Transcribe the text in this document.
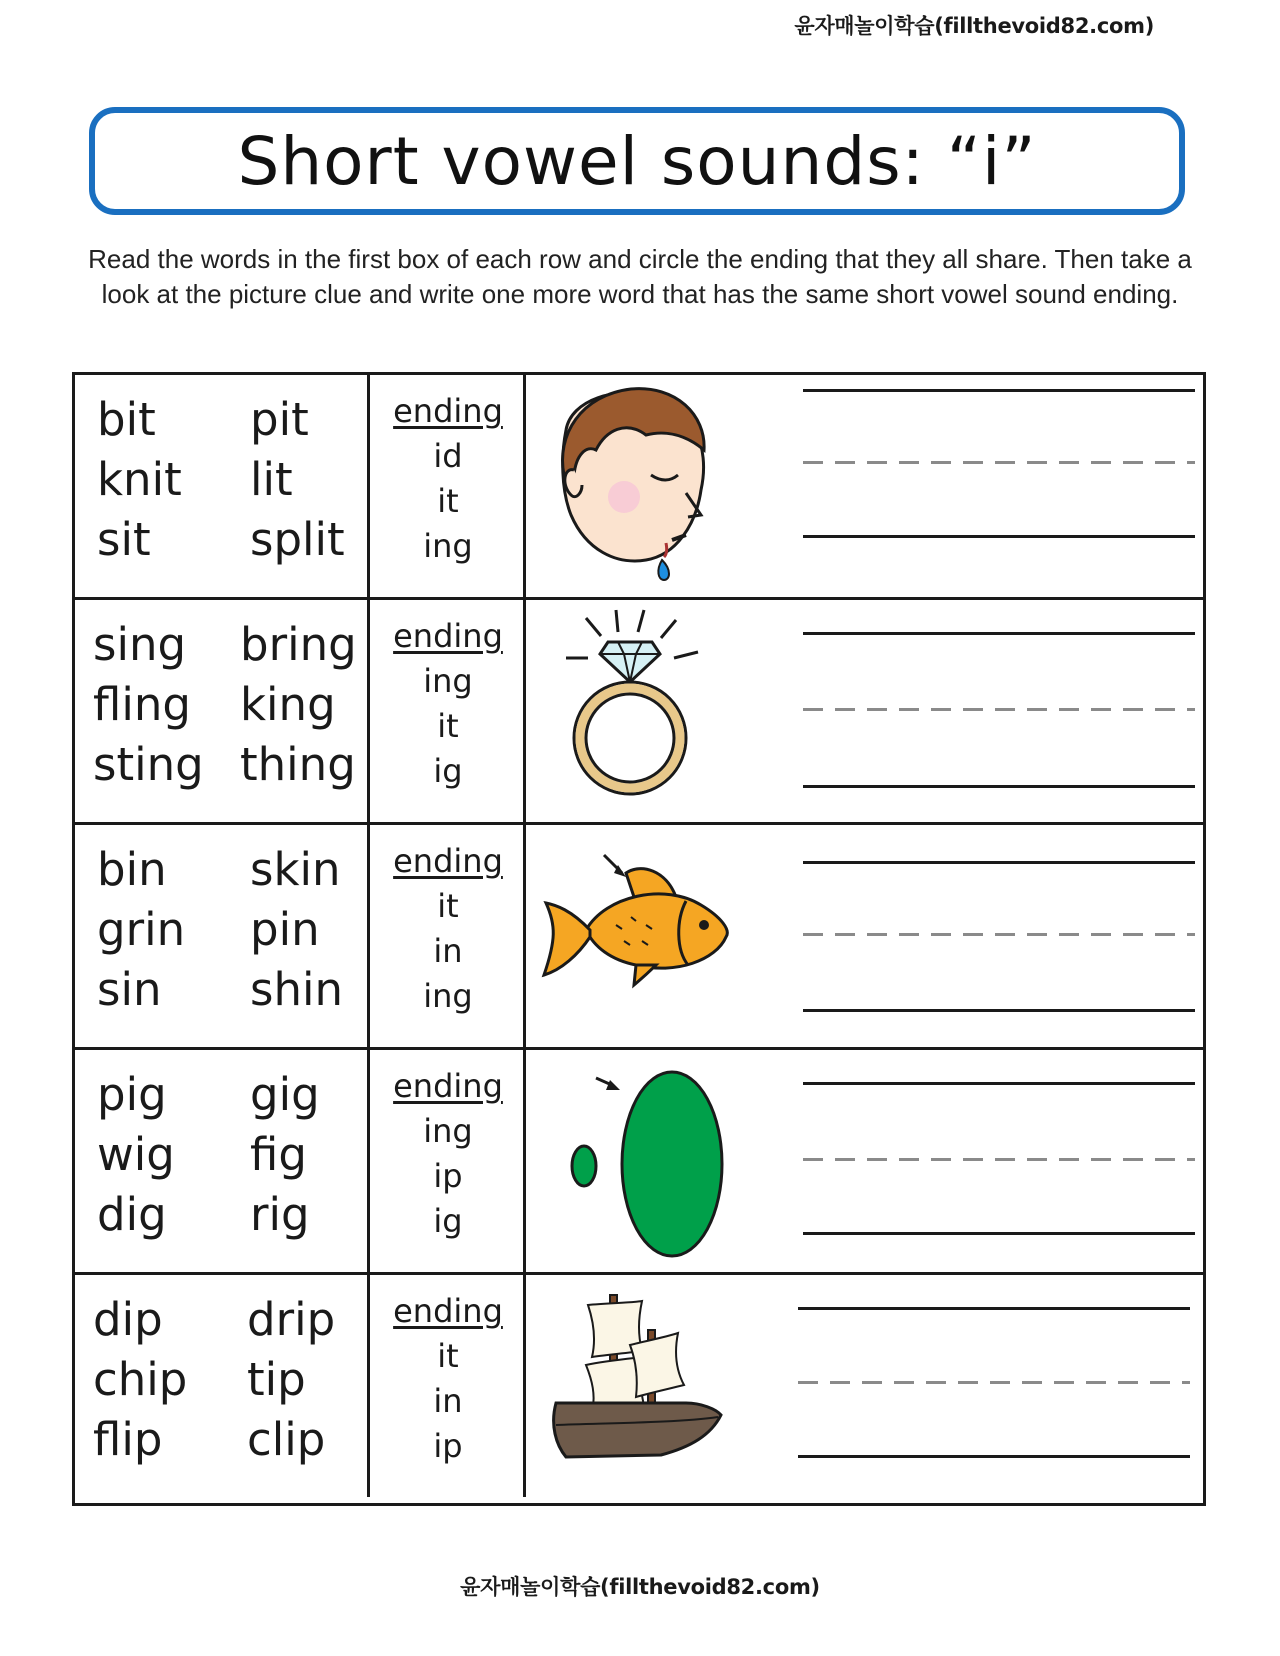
윤자매놀이학습(fillthevoid82.com)
Short vowel sounds: “i”
Read the words in the first box of each row and circle the ending that they all share. Then take a look at the picture clue and write one more word that has the same short vowel sound ending.
bit pit
knit lit
sit split
ending
id
it
ing
sing bring
fling king
sting thing
ending
ing
it
ig
bin skin
grin pin
sin shin
ending
it
in
ing
pig gig
wig fig
dig rig
ending
ing
ip
ig
dip drip
chip tip
flip clip
ending
it
in
ip
윤자매놀이학습(fillthevoid82.com)
